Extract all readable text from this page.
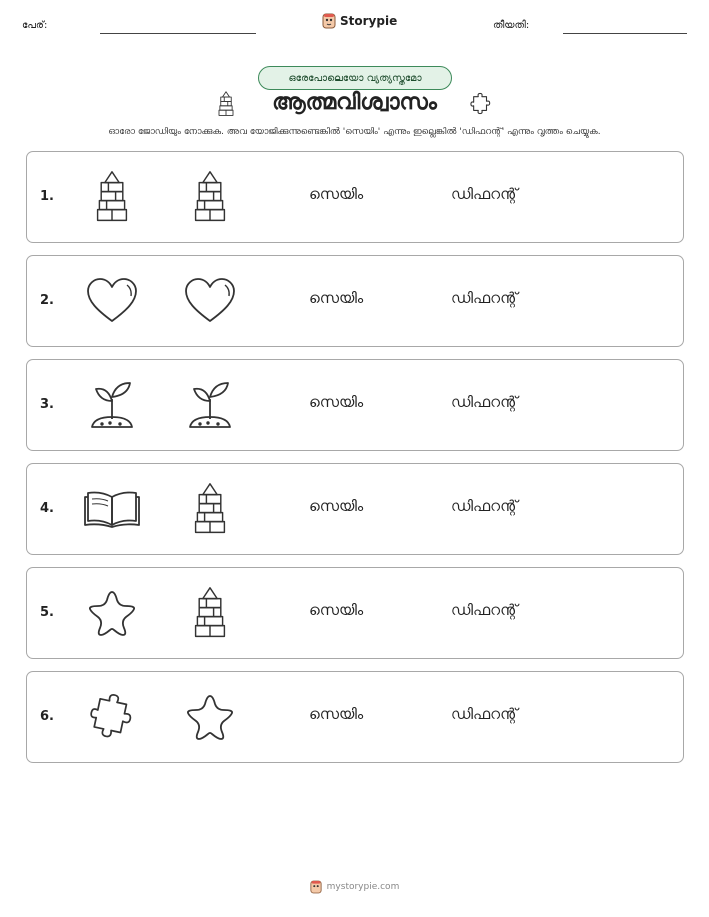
പേര്:	Storypie	തീയതി:
ഒരേപോലെയോ വ്യത്യസ്തമോ
ആത്മവിശ്വാസം
ഓരോ ജോഡിയും നോക്കുക. അവ യോജിക്കുന്നുണ്ടെങ്കിൽ 'സെയിം' എന്നും ഇല്ലെങ്കിൽ 'ഡിഫറന്റ്' എന്നും വൃത്തം ചെയ്യുക.
1.	സെയിം	ഡിഫറന്റ്
2.	സെയിം	ഡിഫറന്റ്
3.	സെയിം	ഡിഫറന്റ്
4.	സെയിം	ഡിഫറന്റ്
5.	സെയിം	ഡിഫറന്റ്
6.	സെയിം	ഡിഫറന്റ്
mystorypie.com
